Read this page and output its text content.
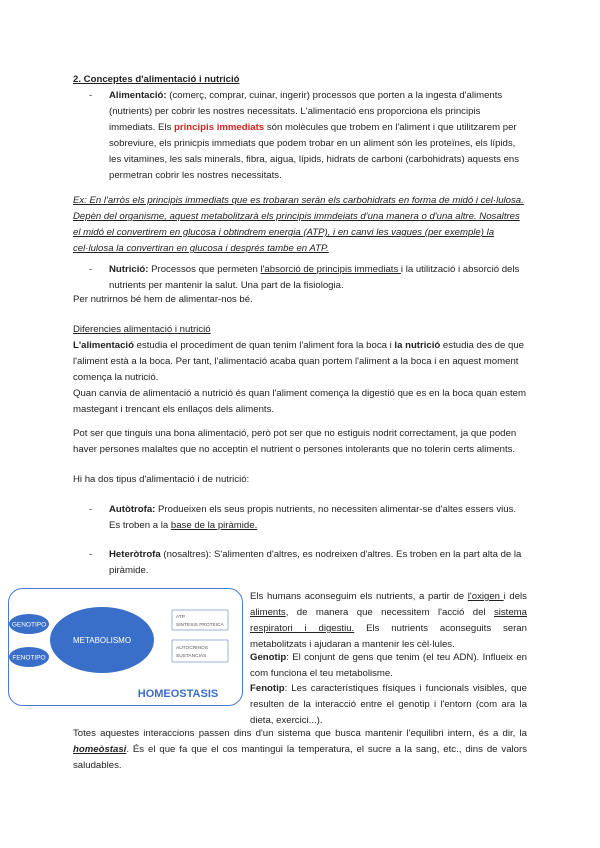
2. Conceptes d'alimentació i nutrició
- Alimentació: (comerç, comprar, cuinar, ingerir) processos que porten a la ingesta d'aliments (nutrients) per cobrir les nostres necessitats. L'alimentació ens proporciona els principis immediats. Els principis immediats són molècules que trobem en l'aliment i que utilitzarem per sobreviure, els prinicpis immediats que podem trobar en un aliment són les proteïnes, els lípids, les vitamines, les sals minerals, fibra, aigua, lípids, hidrats de carboni (carbohidrats) aquests ens permetran cobrir les nostres necessitats.
Ex: En l'arròs els principis immediats que es trobaran seràn els carbohidrats en forma de midó i cel·lulosa. Depèn del organisme, aquest metabolitzarà els principis immdeiats d'una manera o d'una altre. Nosaltres el midó el convertirem en glucosa i obtindrem energia (ATP), i en canvi les vagues (per exemple) la cel·lulosa la convertiran en glucosa i després tambe en ATP.
- Nutrició: Processos que permeten l'absorció de principis immediats i la utilització i absorció dels nutrients per mantenir la salut. Una part de la fisiologia.
Per nutrirnos bé hem de alimentar-nos bé.
Diferencies alimentació i nutrició
L'alimentació estudia el procediment de quan tenim l'aliment fora la boca i la nutrició estudia des de que l'aliment està a la boca. Per tant, l'alimentació acaba quan portem l'aliment a la boca i en aquest moment comença la nutrició.
Quan canvia de alimentació a nutrició és quan l'aliment comença la digestió que es en la boca quan estem mastegant i trencant els enllaços dels aliments.
Pot ser que tinguis una bona alimentació, però pot ser que no estiguis nodrit correctament, ja que poden haver persones malaltes que no acceptin el nutrient o persones intolerants que no tolerin certs aliments.
Hi ha dos tipus d'alimentació i de nutrició:
- Autòtrofa: Produeixen els seus propis nutrients, no necessiten alimentar-se d'altes essers vius. Es troben a la base de la piràmide.
- Heteròtrofa (nosaltres): S'alimenten d'altres, es nodreixen d'altres. Es troben en la part alta de la piràmide.
GENOTIPO
FENOTIPO
METABOLISMO
ATP
SINTESIS PROTEICA
AUTOCRINOS
SUSTANCIAS
HOMEOSTASIS
Els humans aconseguim els nutrients, a partir de l'oxigen i dels aliments, de manera que necessitem l'acció del sistema respiratori i digestiu. Els nutrients aconseguits seran metabolitzats i ajudaran a mantenir les cèl·lules.
Genotip: El conjunt de gens que tenim (el teu ADN). Influeix en com funciona el teu metabolisme.
Fenotip: Les característiques físiques i funcionals visibles, que resulten de la interacció entre el genotip i l'entorn (com ara la dieta, exercici...).
Totes aquestes interaccions passen dins d'un sistema que busca mantenir l'equilibri intern, és a dir, la homeòstasi. És el que fa que el cos mantingui la temperatura, el sucre a la sang, etc., dins de valors saludables.
